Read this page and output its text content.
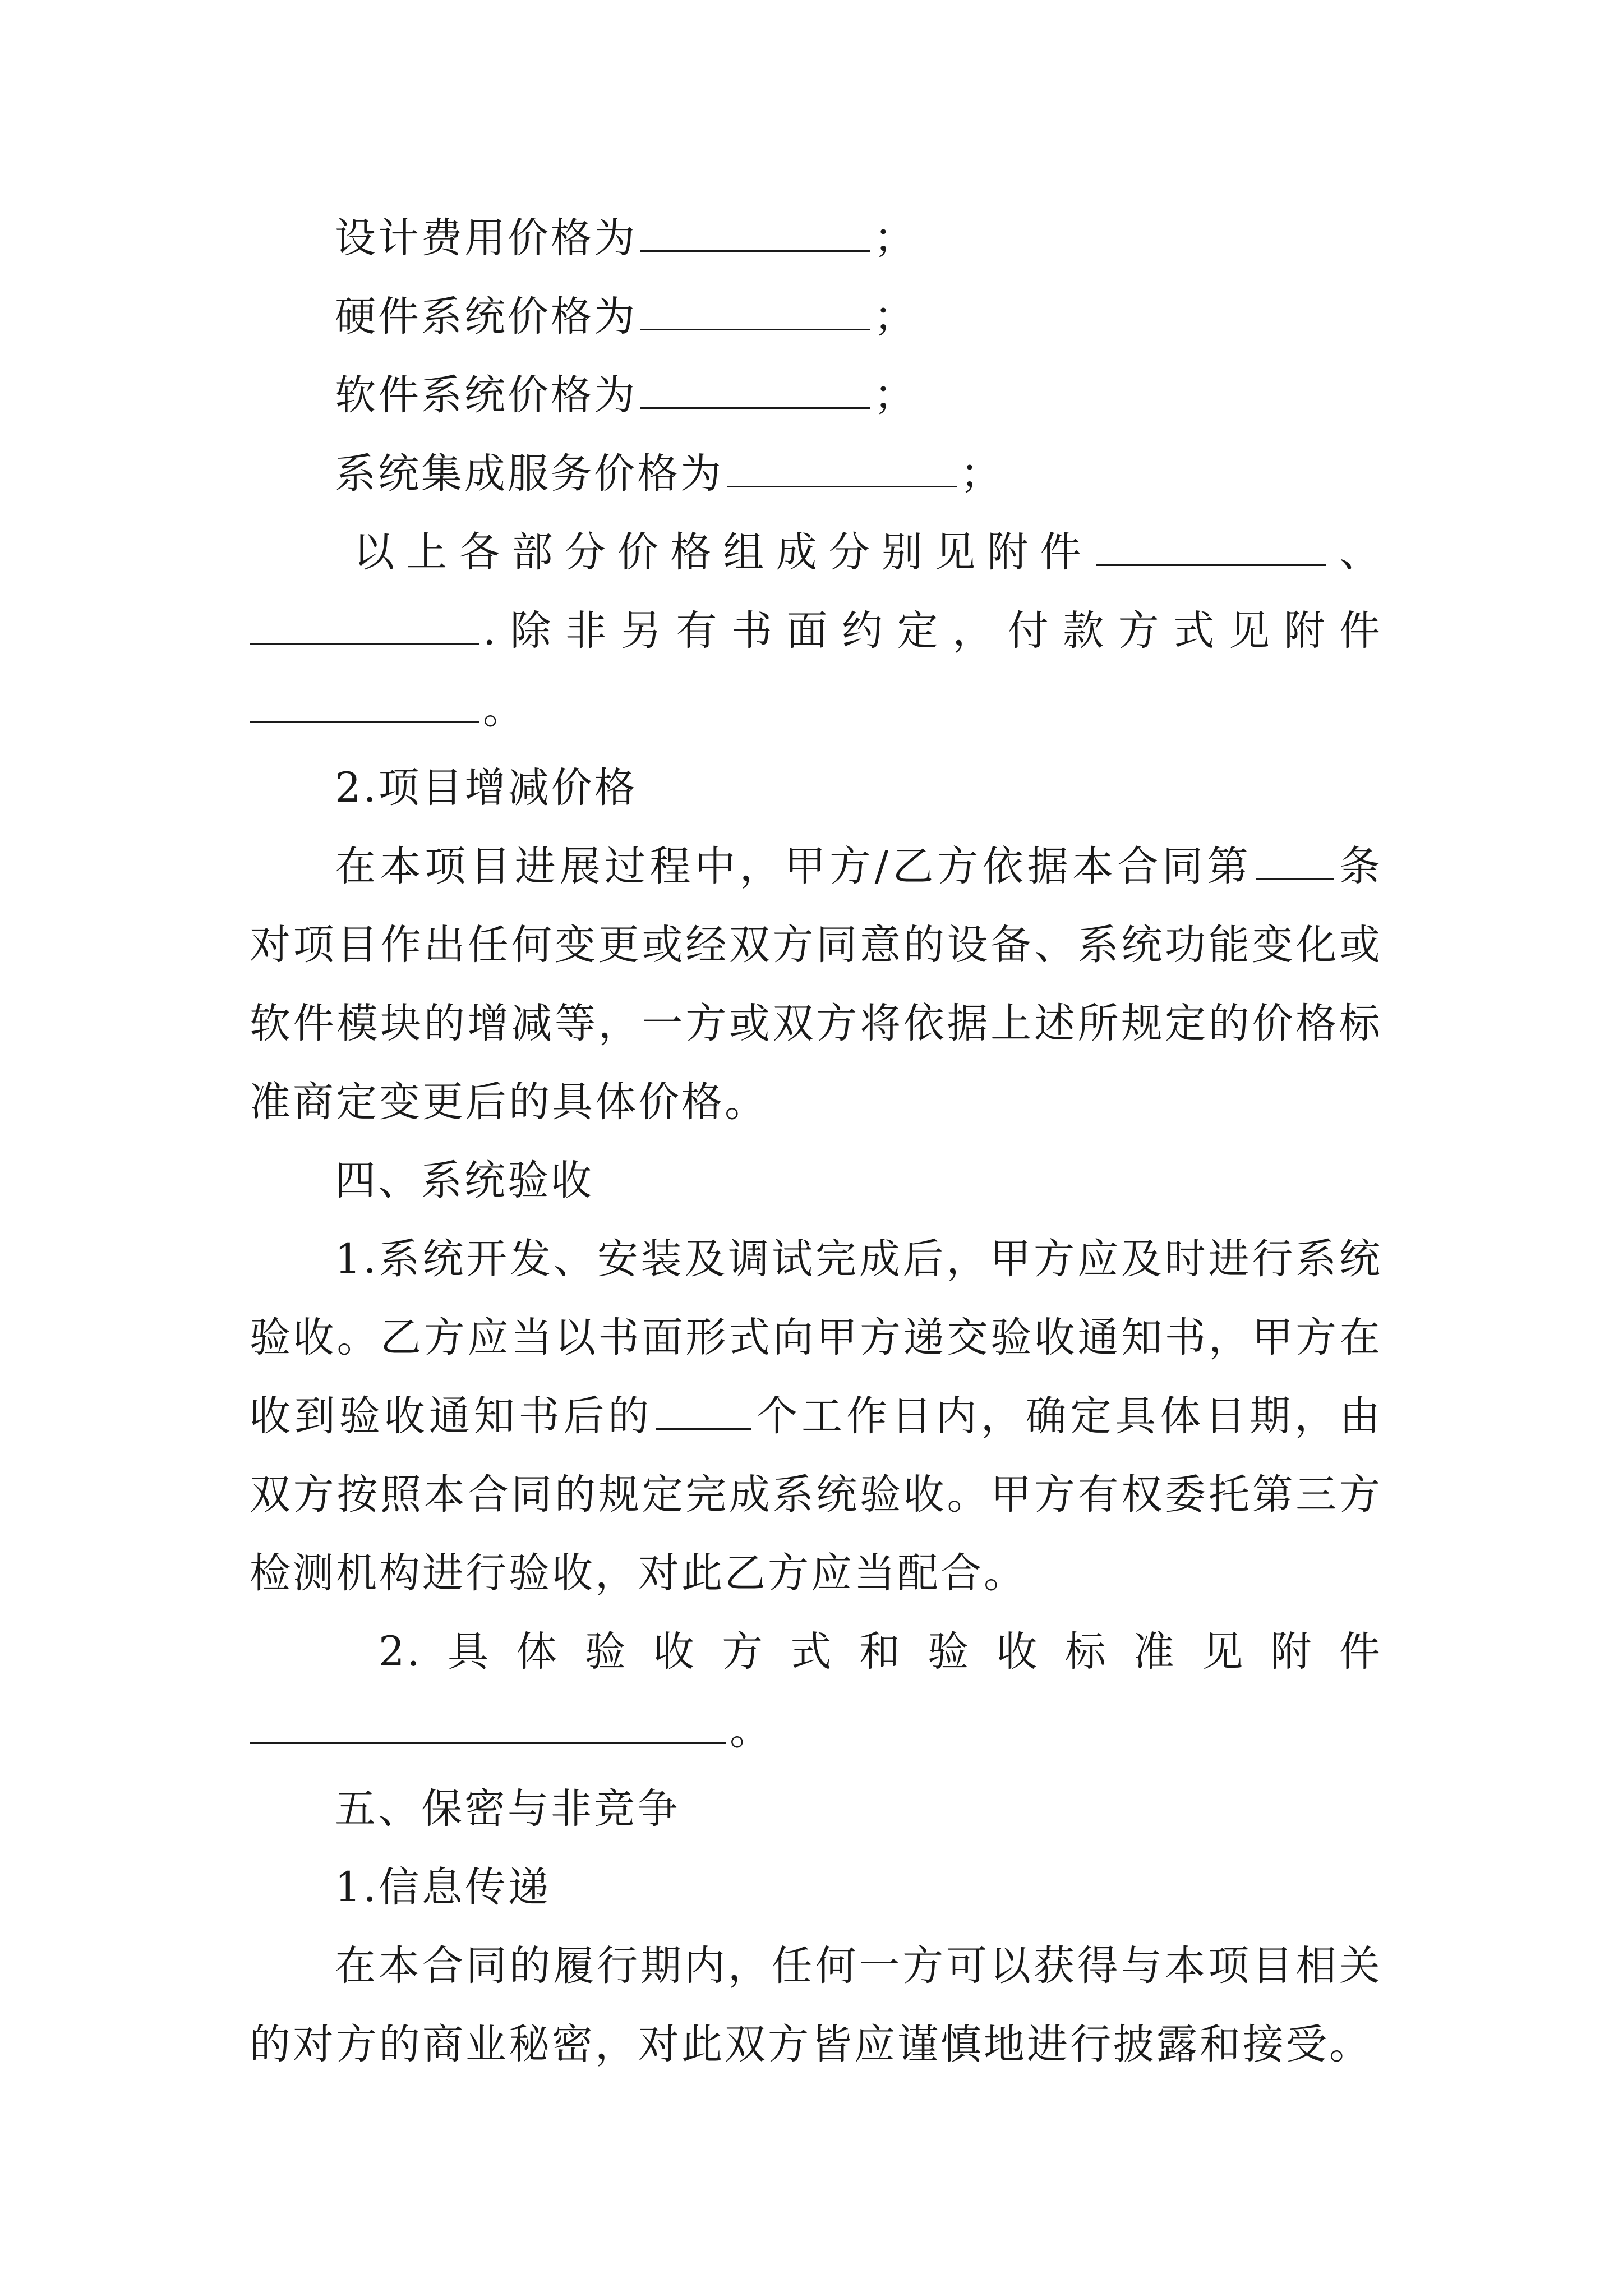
设计费用价格为	；

硬件系统价格为	；

软件系统价格为	；

系统集成服务价格为	；

以上各部分价格组成分别见附件	、

.除非另有书面约定，付款方式见附件

。

2.项目增减价格

在本项目进展过程中，甲方/乙方依据本合同第 条对项目作出任何变更或经双方同意的设备、系统功能变化或软件模块的增减等，一方或双方将依据上述所规定的价格标准商定变更后的具体价格。

四、系统验收

1.系统开发、安装及调试完成后，甲方应及时进行系统验收。乙方应当以书面形式向甲方递交验收通知书，甲方在收到验收通知书后的 个工作日内，确定具体日期，由双方按照本合同的规定完成系统验收。甲方有权委托第三方检测机构进行验收，对此乙方应当配合。

2.具体验收方式和验收标准见附件

。

五、保密与非竞争

1.信息传递

在本合同的履行期内，任何一方可以获得与本项目相关的对方的商业秘密，对此双方皆应谨慎地进行披露和接受。
